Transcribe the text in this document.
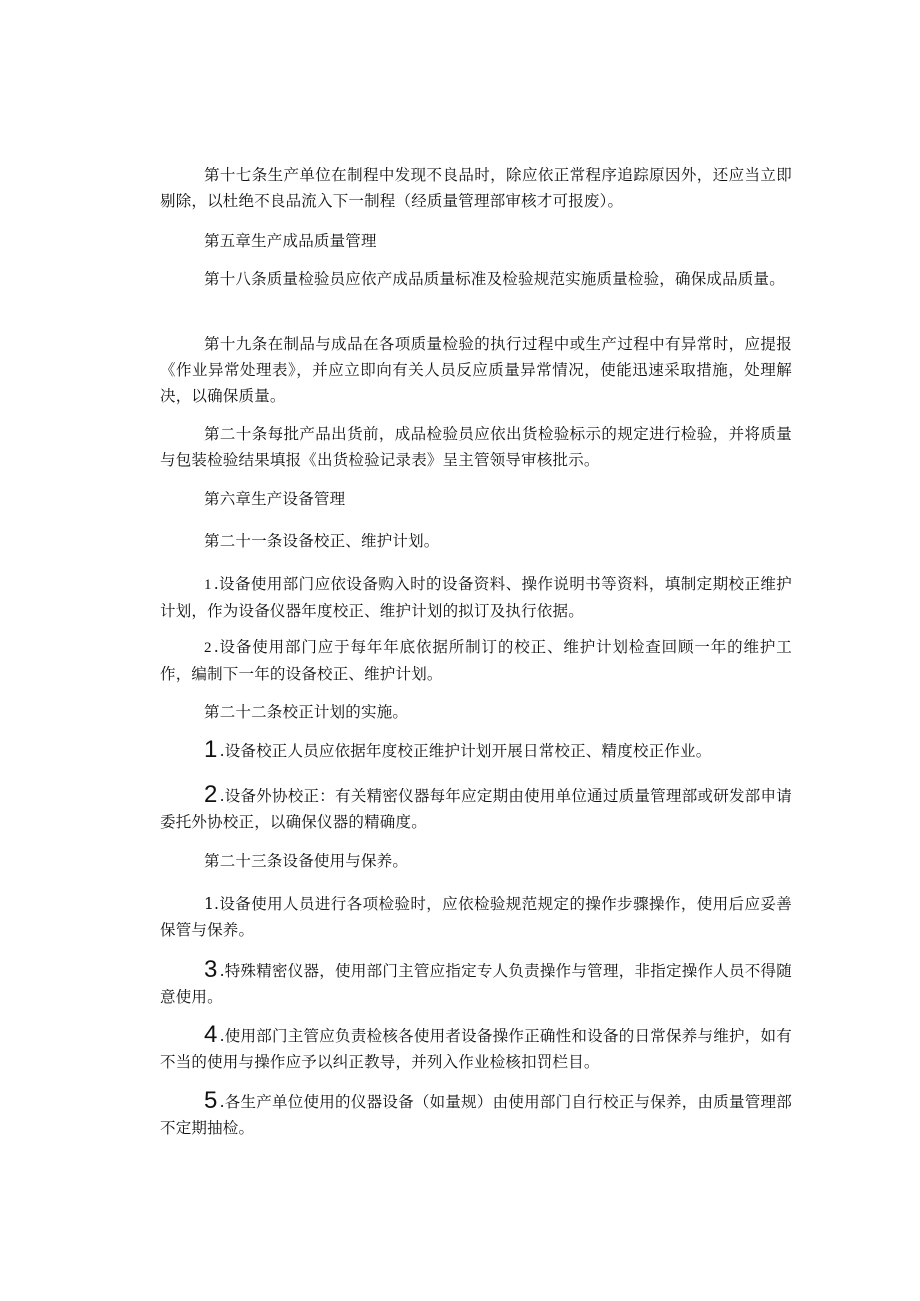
第十七条生产单位在制程中发现不良品时，除应依正常程序追踪原因外，还应当立即剔除，以杜绝不良品流入下一制程（经质量管理部审核才可报废）。

第五章生产成品质量管理

第十八条质量检验员应依产成品质量标准及检验规范实施质量检验，确保成品质量。

第十九条在制品与成品在各项质量检验的执行过程中或生产过程中有异常时，应提报《作业异常处理表》，并应立即向有关人员反应质量异常情况，使能迅速采取措施，处理解决，以确保质量。

第二十条每批产品出货前，成品检验员应依出货检验标示的规定进行检验，并将质量与包装检验结果填报《出货检验记录表》呈主管领导审核批示。

第六章生产设备管理

第二十一条设备校正、维护计划。

1 .设备使用部门应依设备购入时的设备资料、操作说明书等资料，填制定期校正维护计划，作为设备仪器年度校正、维护计划的拟订及执行依据。

2 .设备使用部门应于每年年底依据所制订的校正、维护计划检查回顾一年的维护工作，编制下一年的设备校正、维护计划。

第二十二条校正计划的实施。

1 .设备校正人员应依据年度校正维护计划开展日常校正、精度校正作业。

2 .设备外协校正：有关精密仪器每年应定期由使用单位通过质量管理部或研发部申请委托外协校正，以确保仪器的精确度。

第二十三条设备使用与保养。

1.设备使用人员进行各项检验时，应依检验规范规定的操作步骤操作，使用后应妥善保管与保养。

3 .特殊精密仪器，使用部门主管应指定专人负责操作与管理，非指定操作人员不得随意使用。

4 .使用部门主管应负责检核各使用者设备操作正确性和设备的日常保养与维护，如有不当的使用与操作应予以纠正教导，并列入作业检核扣罚栏目。

5 .各生产单位使用的仪器设备（如量规）由使用部门自行校正与保养，由质量管理部不定期抽检。
